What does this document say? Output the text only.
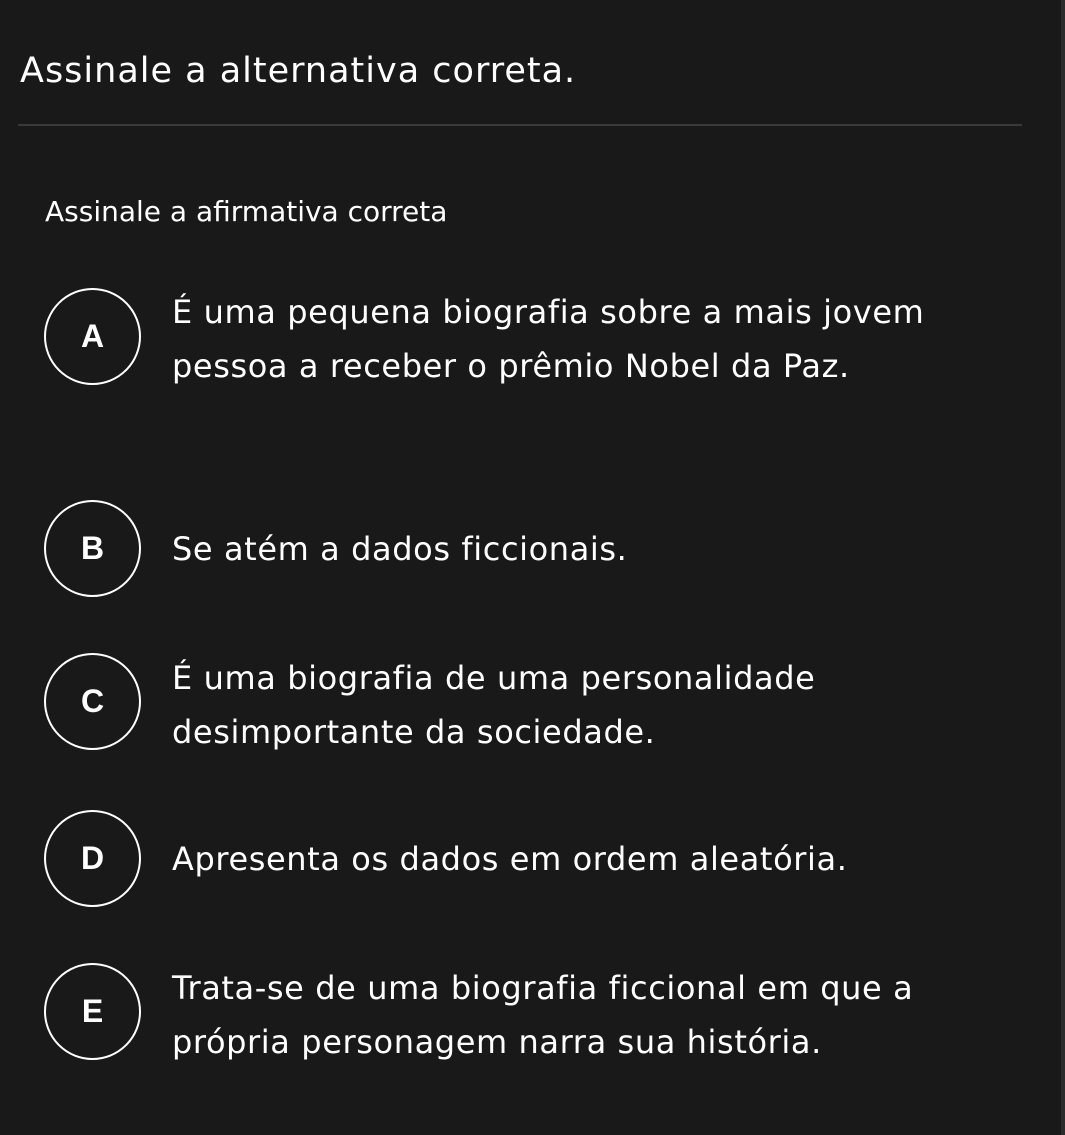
Assinale a alternativa correta.
Assinale a afirmativa correta
A
É uma pequena biografia sobre a mais jovem pessoa a receber o prêmio Nobel da Paz.
B	Se atém a dados ficcionais.
C
É uma biografia de uma personalidade desimportante da sociedade.
D	Apresenta os dados em ordem aleatória.
E
Trata-se de uma biografia ficcional em que a própria personagem narra sua história.
